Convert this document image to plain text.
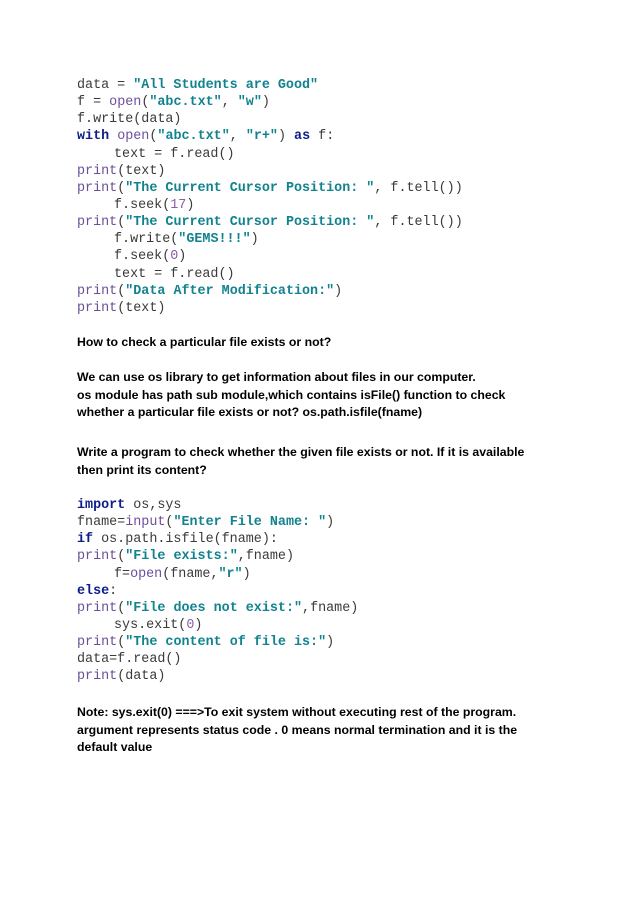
data = "All Students are Good"
f = open("abc.txt", "w")
f.write(data)
with open("abc.txt", "r+") as f:
text = f.read()
print(text)
print("The Current Cursor Position: ", f.tell())
f.seek(17)
print("The Current Cursor Position: ", f.tell())
f.write("GEMS!!!")
f.seek(0)
text = f.read()
print("Data After Modification:")
print(text)
How to check a particular file exists or not?
We can use os library to get information about files in our computer.
os module has path sub module,which contains isFile() function to check
whether a particular file exists or not? os.path.isfile(fname)
Write a program to check whether the given file exists or not. If it is available
then print its content?
import os,sys
fname=input("Enter File Name: ")
if os.path.isfile(fname):
print("File exists:",fname)
f=open(fname,"r")
else:
print("File does not exist:",fname)
sys.exit(0)
print("The content of file is:")
data=f.read()
print(data)
Note: sys.exit(0) ===>To exit system without executing rest of the program.
argument represents status code . 0 means normal termination and it is the
default value
